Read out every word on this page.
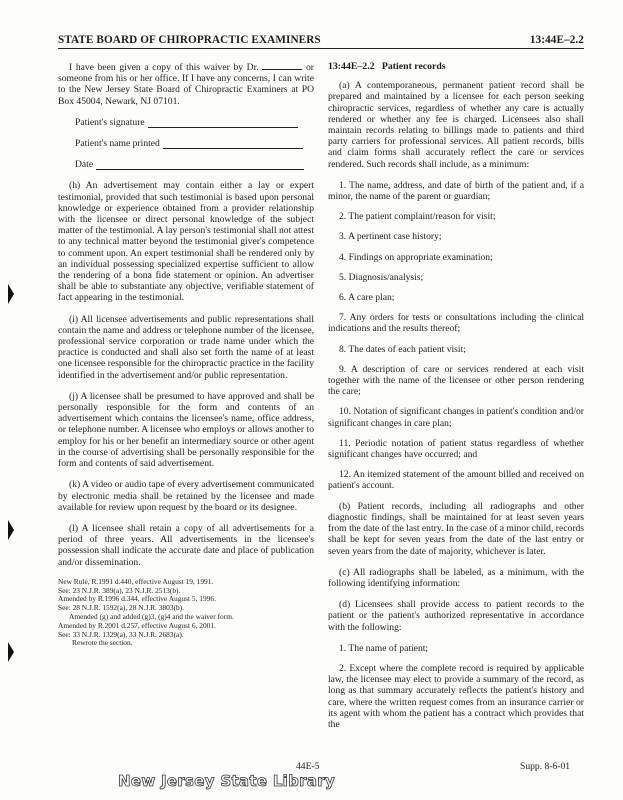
STATE BOARD OF CHIROPRACTIC EXAMINERS	13:44E–2.2

I have been given a copy of this waiver by Dr.	or someone from his or her office. If I have any concerns, I can write to the New Jersey State Board of Chiropractic Examiners at PO Box 45004, Newark, NJ 07101.

Patient's signature
Patient's name printed
Date

(h) An advertisement may contain either a lay or expert testimonial, provided that such testimonial is based upon personal knowledge or experience obtained from a provider relationship with the licensee or direct personal knowledge of the subject matter of the testimonial. A lay person's testimonial shall not attest to any technical matter beyond the testimonial giver's competence to comment upon. An expert testimonial shall be rendered only by an individual possessing specialized expertise sufficient to allow the rendering of a bona fide statement or opinion. An advertiser shall be able to substantiate any objective, verifiable statement of fact appearing in the testimonial.

(i) All licensee advertisements and public representations shall contain the name and address or telephone number of the licensee, professional service corporation or trade name under which the practice is conducted and shall also set forth the name of at least one licensee responsible for the chiropractic practice in the facility identified in the advertisement and/or public representation.

(j) A licensee shall be presumed to have approved and shall be personally responsible for the form and contents of an advertisement which contains the licensee's name, office address, or telephone number. A licensee who employs or allows another to employ for his or her benefit an intermediary source or other agent in the course of advertising shall be personally responsible for the form and contents of said advertisement.

(k) A video or audio tape of every advertisement communicated by electronic media shall be retained by the licensee and made available for review upon request by the board or its designee.

(l) A licensee shall retain a copy of all advertisements for a period of three years. All advertisements in the licensee's possession shall indicate the accurate date and place of publication and/or dissemination.

New Rule, R.1991 d.440, effective August 19, 1991.
See: 23 N.J.R. 389(a), 23 N.J.R. 2513(b).
Amended by R.1996 d.344, effective August 5, 1996.
See: 28 N.J.R. 1592(a), 28 N.J.R. 3803(b).
Amended (g) and added (g)3, (g)4 and the waiver form.
Amended by R.2001 d.257, effective August 6, 2001.
See: 33 N.J.R. 1329(a), 33 N.J.R. 2683(a).
Rewrote the section.
13:44E–2.2 Patient records

(a) A contemporaneous, permanent patient record shall be prepared and maintained by a licensee for each person seeking chiropractic services, regardless of whether any care is actually rendered or whether any fee is charged. Licensees also shall maintain records relating to billings made to patients and third party carriers for professional services. All patient records, bills and claim forms shall accurately reflect the care or services rendered. Such records shall include, as a minimum:

1. The name, address, and date of birth of the patient and, if a minor, the name of the parent or guardian;
2. The patient complaint/reason for visit;
3. A pertinent case history;
4. Findings on appropriate examination;
5. Diagnosis/analysis;
6. A care plan;
7. Any orders for tests or consultations including the clinical indications and the results thereof;
8. The dates of each patient visit;
9. A description of care or services rendered at each visit together with the name of the licensee or other person rendering the care;
10. Notation of significant changes in patient's condition and/or significant changes in care plan;
11. Periodic notation of patient status regardless of whether significant changes have occurred; and
12. An itemized statement of the amount billed and received on patient's account.

(b) Patient records, including all radiographs and other diagnostic findings, shall be maintained for at least seven years from the date of the last entry. In the case of a minor child, records shall be kept for seven years from the date of the last entry or seven years from the date of majority, whichever is later.

(c) All radiographs shall be labeled, as a minimum, with the following identifying information:

(d) Licensees shall provide access to patient records to the patient or the patient's authorized representative in accordance with the following:

1. The name of patient;
2. Except where the complete record is required by applicable law, the licensee may elect to provide a summary of the record, as long as that summary accurately reflects the patient's history and care, where the written request comes from an insurance carrier or its agent with whom the patient has a contract which provides that the
44E-5	Supp. 8-6-01
New Jersey State Library
